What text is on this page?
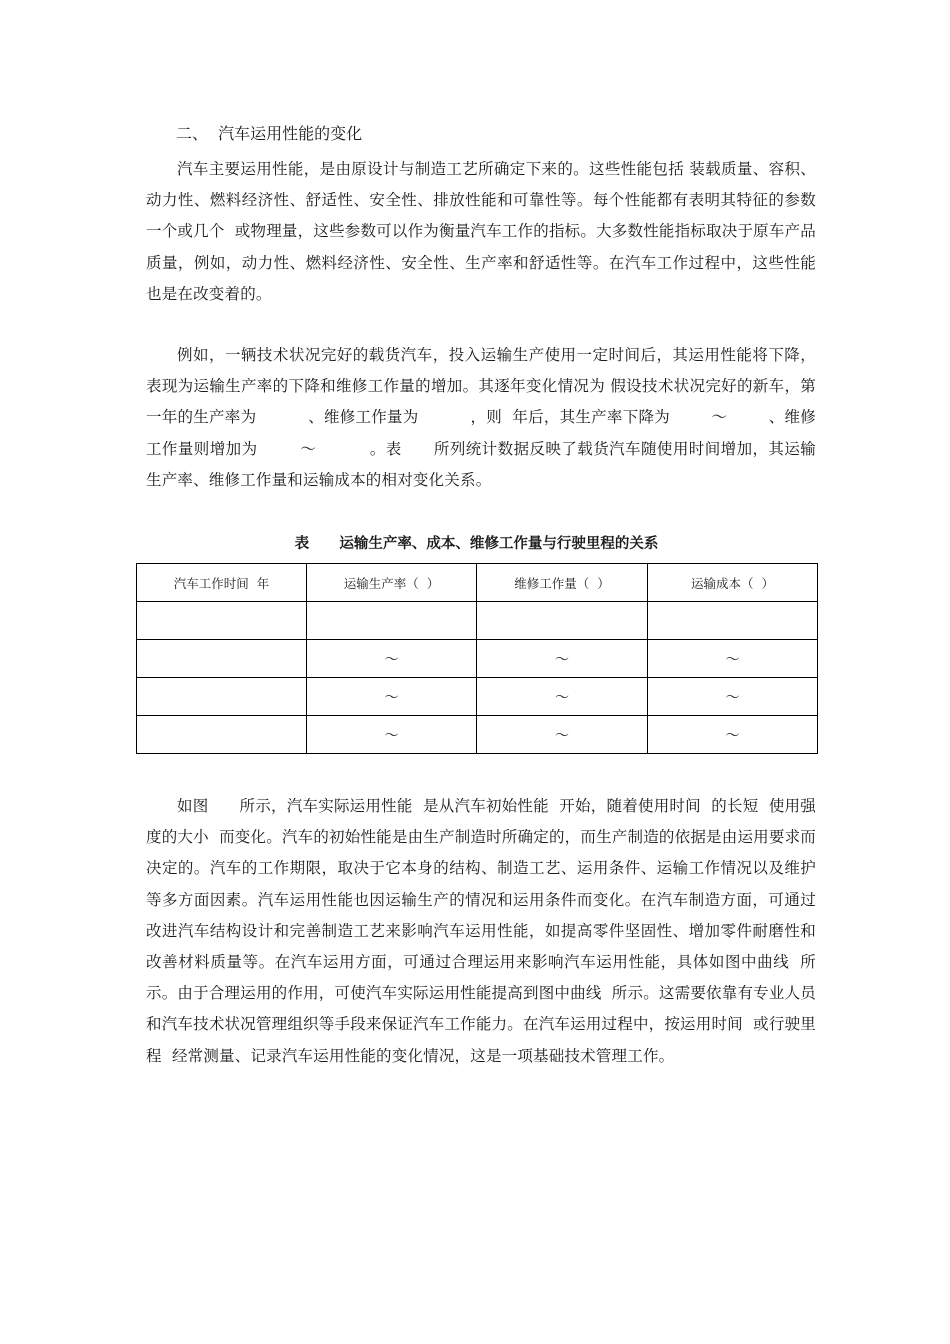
二、  汽车运用性能的变化

汽车主要运用性能，是由原设计与制造工艺所确定下来的。这些性能包括 装载质量、容积、动力性、燃料经济性、舒适性、安全性、排放性能和可靠性等。每个性能都有表明其特征的参数  一个或几个  或物理量，这些参数可以作为衡量汽车工作的指标。大多数性能指标取决于原车产品质量，例如，动力性、燃料经济性、安全性、生产率和舒适性等。在汽车工作过程中，这些性能也是在改变着的。

例如，一辆技术状况完好的载货汽车，投入运输生产使用一定时间后，其运用性能将下降，表现为运输生产率的下降和维修工作量的增加。其逐年变化情况为 假设技术状况完好的新车，第一年的生产率为          、维修工作量为          ，则  年后，其生产率下降为        ～        、维修工作量则增加为        ～          。表      所列统计数据反映了载货汽车随使用时间增加，其运输生产率、维修工作量和运输成本的相对变化关系。

表      运输生产率、成本、维修工作量与行驶里程的关系
汽车工作时间  年	运输生产率（  ）	维修工作量（  ）	运输成本（  ）

	～	～	～
	～	～	～
	～	～	～

如图      所示，汽车实际运用性能  是从汽车初始性能  开始，随着使用时间  的长短  使用强度的大小  而变化。汽车的初始性能是由生产制造时所确定的，而生产制造的依据是由运用要求而决定的。汽车的工作期限，取决于它本身的结构、制造工艺、运用条件、运输工作情况以及维护等多方面因素。汽车运用性能也因运输生产的情况和运用条件而变化。在汽车制造方面，可通过改进汽车结构设计和完善制造工艺来影响汽车运用性能，如提高零件坚固性、增加零件耐磨性和改善材料质量等。在汽车运用方面，可通过合理运用来影响汽车运用性能，具体如图中曲线  所示。由于合理运用的作用，可使汽车实际运用性能提高到图中曲线  所示。这需要依靠有专业人员和汽车技术状况管理组织等手段来保证汽车工作能力。在汽车运用过程中，按运用时间  或行驶里程  经常测量、记录汽车运用性能的变化情况，这是一项基础技术管理工作。
